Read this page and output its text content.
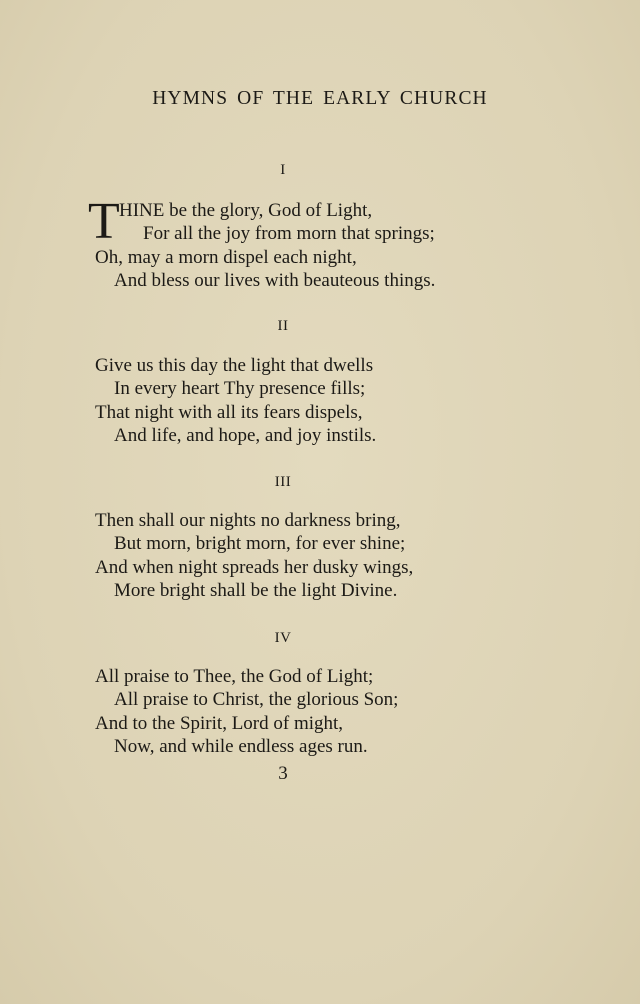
HYMNS OF THE EARLY CHURCH
I
T HINE be the glory, God of Light,
For all the joy from morn that springs;
Oh, may a morn dispel each night,
And bless our lives with beauteous things.
II
Give us this day the light that dwells
In every heart Thy presence fills;
That night with all its fears dispels,
And life, and hope, and joy instils.
III
Then shall our nights no darkness bring,
But morn, bright morn, for ever shine;
And when night spreads her dusky wings,
More bright shall be the light Divine.
IV
All praise to Thee, the God of Light;
All praise to Christ, the glorious Son;
And to the Spirit, Lord of might,
Now, and while endless ages run.
3
